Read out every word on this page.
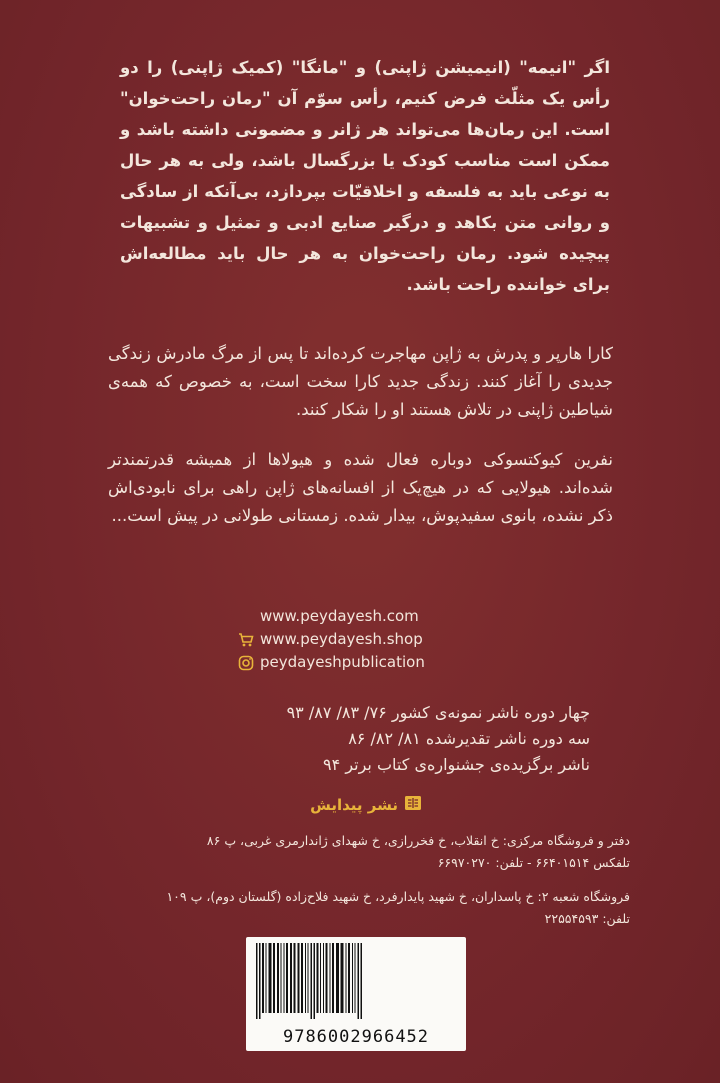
اگر "انیمه" (انیمیشن ژاپنی) و "مانگا" (کمیک ژاپنی) را دو رأس یک مثلّث فرض کنیم، رأس سوّم آن "رمان راحت‌خوان" است. این رمان‌ها می‌تواند هر ژانر و مضمونی داشته باشد و ممکن است مناسب کودک یا بزرگسال باشد، ولی به هر حال به نوعی باید به فلسفه و اخلاقیّات بپردازد، بی‌آنکه از سادگی و روانی متن بکاهد و درگیر صنایع ادبی و تمثیل و تشبیهات پیچیده شود. رمان راحت‌خوان به هر حال باید مطالعه‌اش برای خواننده راحت باشد.

کارا هارپر و پدرش به ژاپن مهاجرت کرده‌اند تا پس از مرگ مادرش زندگی جدیدی را آغاز کنند. زندگی جدید کارا سخت است، به خصوص که همه‌ی شیاطین ژاپنی در تلاش هستند او را شکار کنند.

نفرین کیوکتسوکی دوباره فعال شده و هیولاها از همیشه قدرتمندتر شده‌اند. هیولایی که در هیچ‌یک از افسانه‌های ژاپن راهی برای نابودی‌اش ذکر نشده، بانوی سفیدپوش، بیدار شده. زمستانی طولانی در پیش است...

www.peydayesh.com
www.peydayesh.shop
peydayeshpublication
چهار دوره ناشر نمونه‌ی کشور ۷۶/ ۸۳/ ۸۷/ ۹۳
سه دوره ناشر تقدیرشده ۸۱/ ۸۲/ ۸۶
ناشر برگزیده‌ی جشنواره‌ی کتاب برتر ۹۴
نشر پیدایش
دفتر و فروشگاه مرکزی: خ انقلاب، خ فخررازی، خ شهدای ژاندارمری غربی، پ ۸۶
تلفکس ۶۶۴۰۱۵۱۴ - تلفن: ۶۶۹۷۰۲۷۰
فروشگاه شعبه ۲: خ پاسداران، خ شهید پایدارفرد، خ شهید فلاح‌زاده (گلستان دوم)، پ ۱۰۹
تلفن: ۲۲۵۵۴۵۹۳
9786002966452
